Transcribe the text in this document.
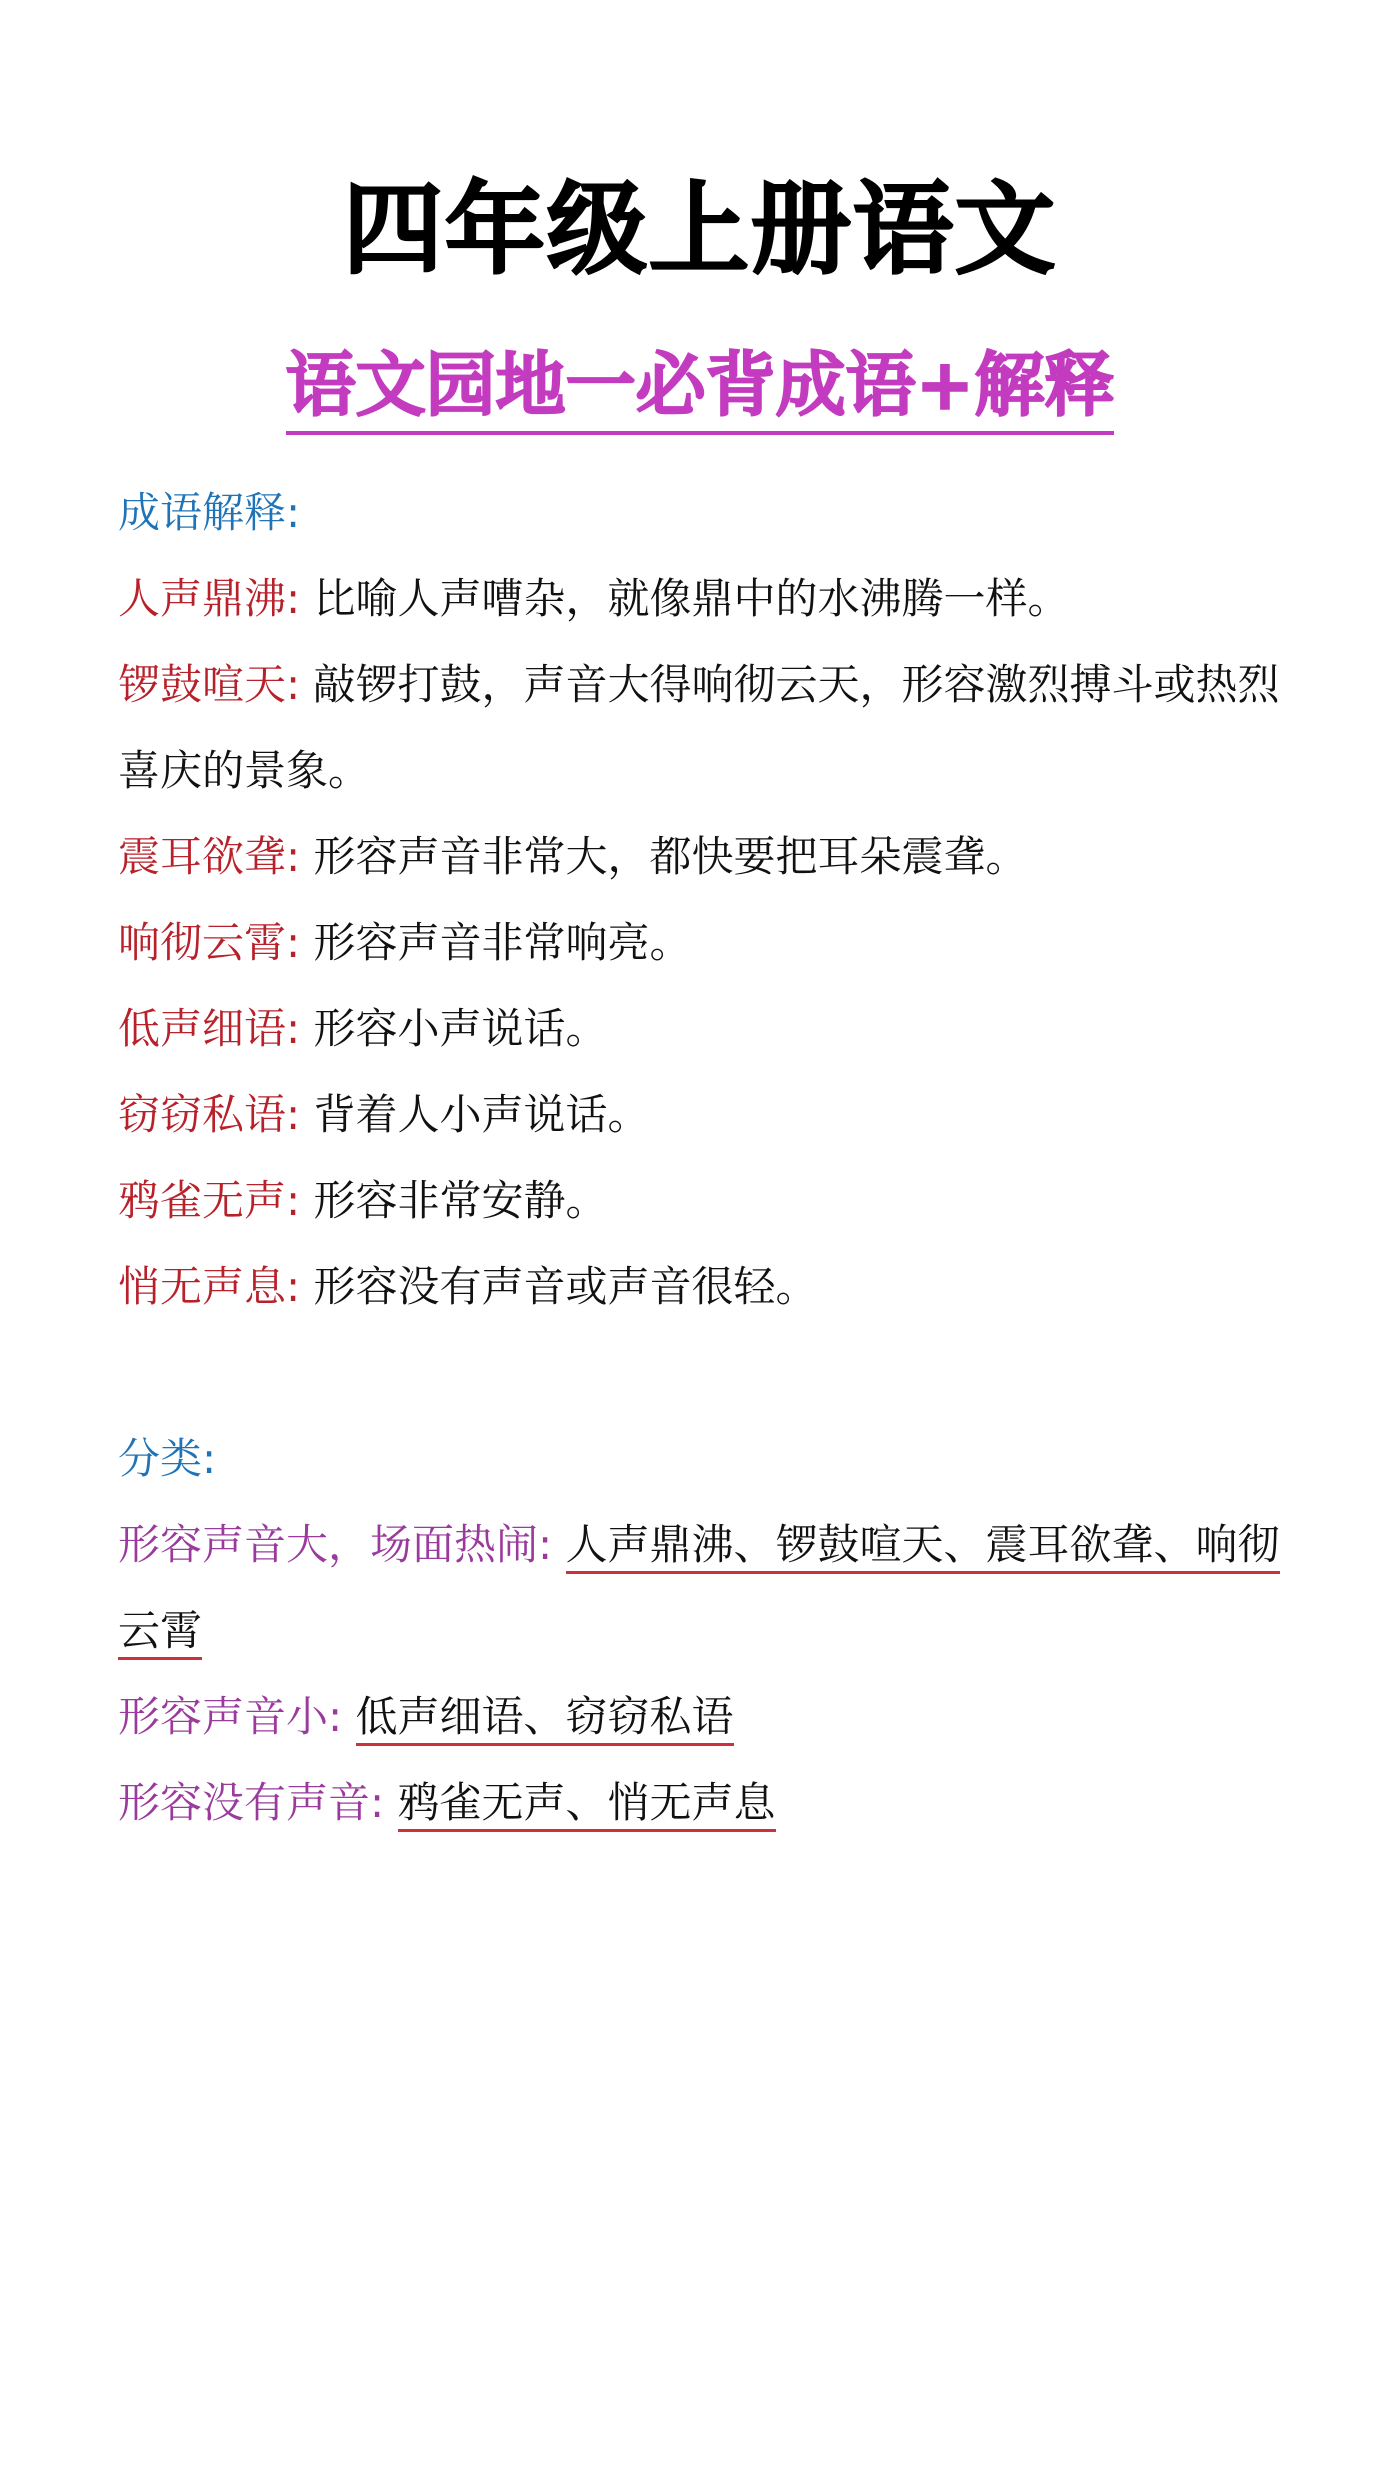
四年级上册语文
语文园地一必背成语+解释
成语解释:
人声鼎沸: 比喻人声嘈杂，就像鼎中的水沸腾一样。
锣鼓喧天: 敲锣打鼓，声音大得响彻云天，形容激烈搏斗或热烈喜庆的景象。
震耳欲聋: 形容声音非常大，都快要把耳朵震聋。
响彻云霄: 形容声音非常响亮。
低声细语: 形容小声说话。
窃窃私语: 背着人小声说话。
鸦雀无声: 形容非常安静。
悄无声息: 形容没有声音或声音很轻。
分类:
形容声音大，场面热闹: 人声鼎沸、锣鼓喧天、震耳欲聋、响彻云霄
形容声音小: 低声细语、窃窃私语
形容没有声音: 鸦雀无声、悄无声息
